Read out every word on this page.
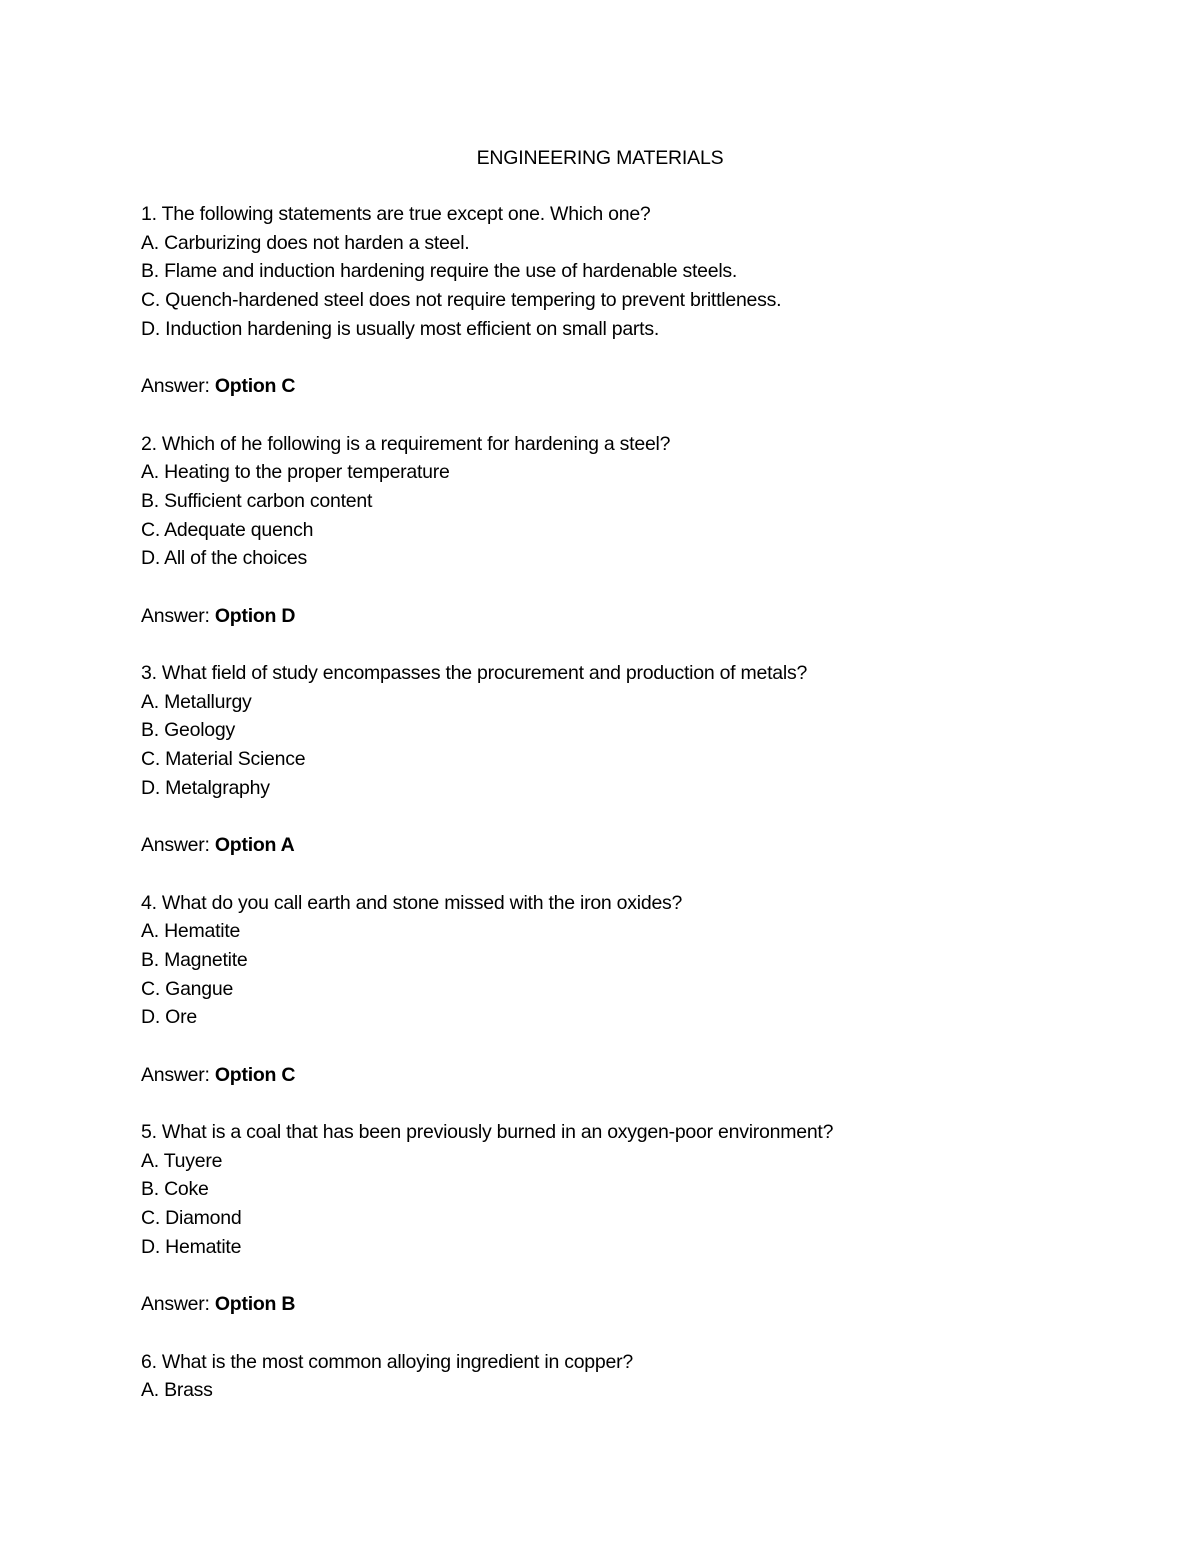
ENGINEERING MATERIALS
1. The following statements are true except one. Which one?
A. Carburizing does not harden a steel.
B. Flame and induction hardening require the use of hardenable steels.
C. Quench-hardened steel does not require tempering to prevent brittleness.
D. Induction hardening is usually most efficient on small parts.
Answer: Option C
2. Which of he following is a requirement for hardening a steel?
A. Heating to the proper temperature
B. Sufficient carbon content
C. Adequate quench
D. All of the choices
Answer: Option D
3. What field of study encompasses the procurement and production of metals?
A. Metallurgy
B. Geology
C. Material Science
D. Metalgraphy
Answer: Option A
4. What do you call earth and stone missed with the iron oxides?
A. Hematite
B. Magnetite
C. Gangue
D. Ore
Answer: Option C
5. What is a coal that has been previously burned in an oxygen-poor environment?
A. Tuyere
B. Coke
C. Diamond
D. Hematite
Answer: Option B
6. What is the most common alloying ingredient in copper?
A. Brass
